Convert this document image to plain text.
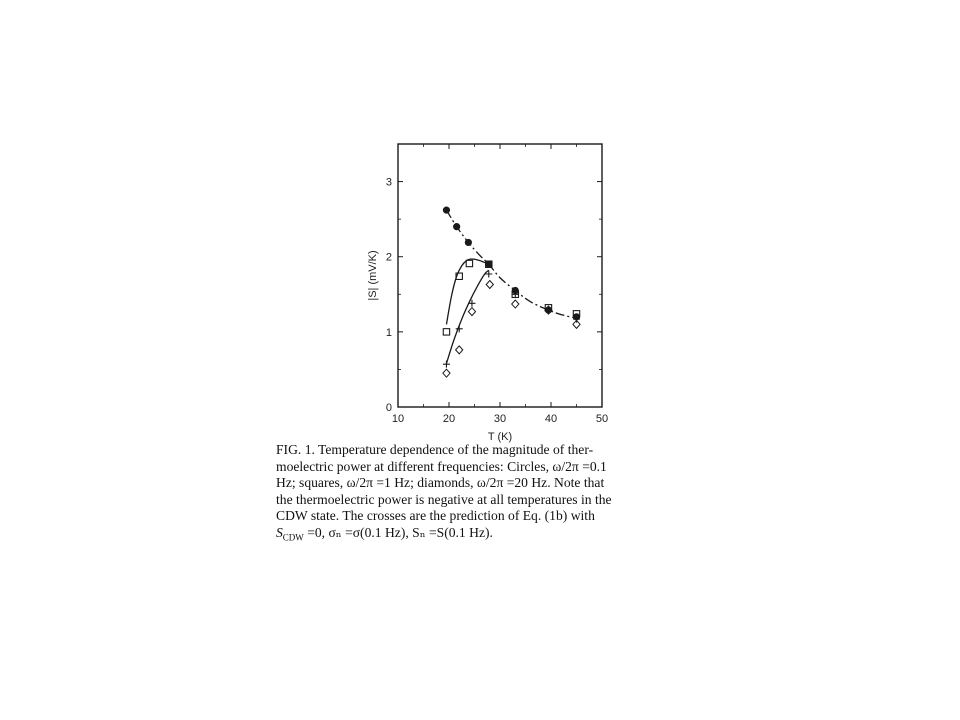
10	20	30	40	50
0
1
2
3
T (K)
|S| (mV/K)
FIG. 1. Temperature dependence of the magnitude of ther-
moelectric power at different frequencies: Circles, ω/2π =0.1
Hz; squares, ω/2π =1 Hz; diamonds, ω/2π =20 Hz. Note that
the thermoelectric power is negative at all temperatures in the
CDW state. The crosses are the prediction of Eq. (1b) with
$S_{CDW} =0$, σₙ =σ(0.1 Hz), Sₙ =S(0.1 Hz).
